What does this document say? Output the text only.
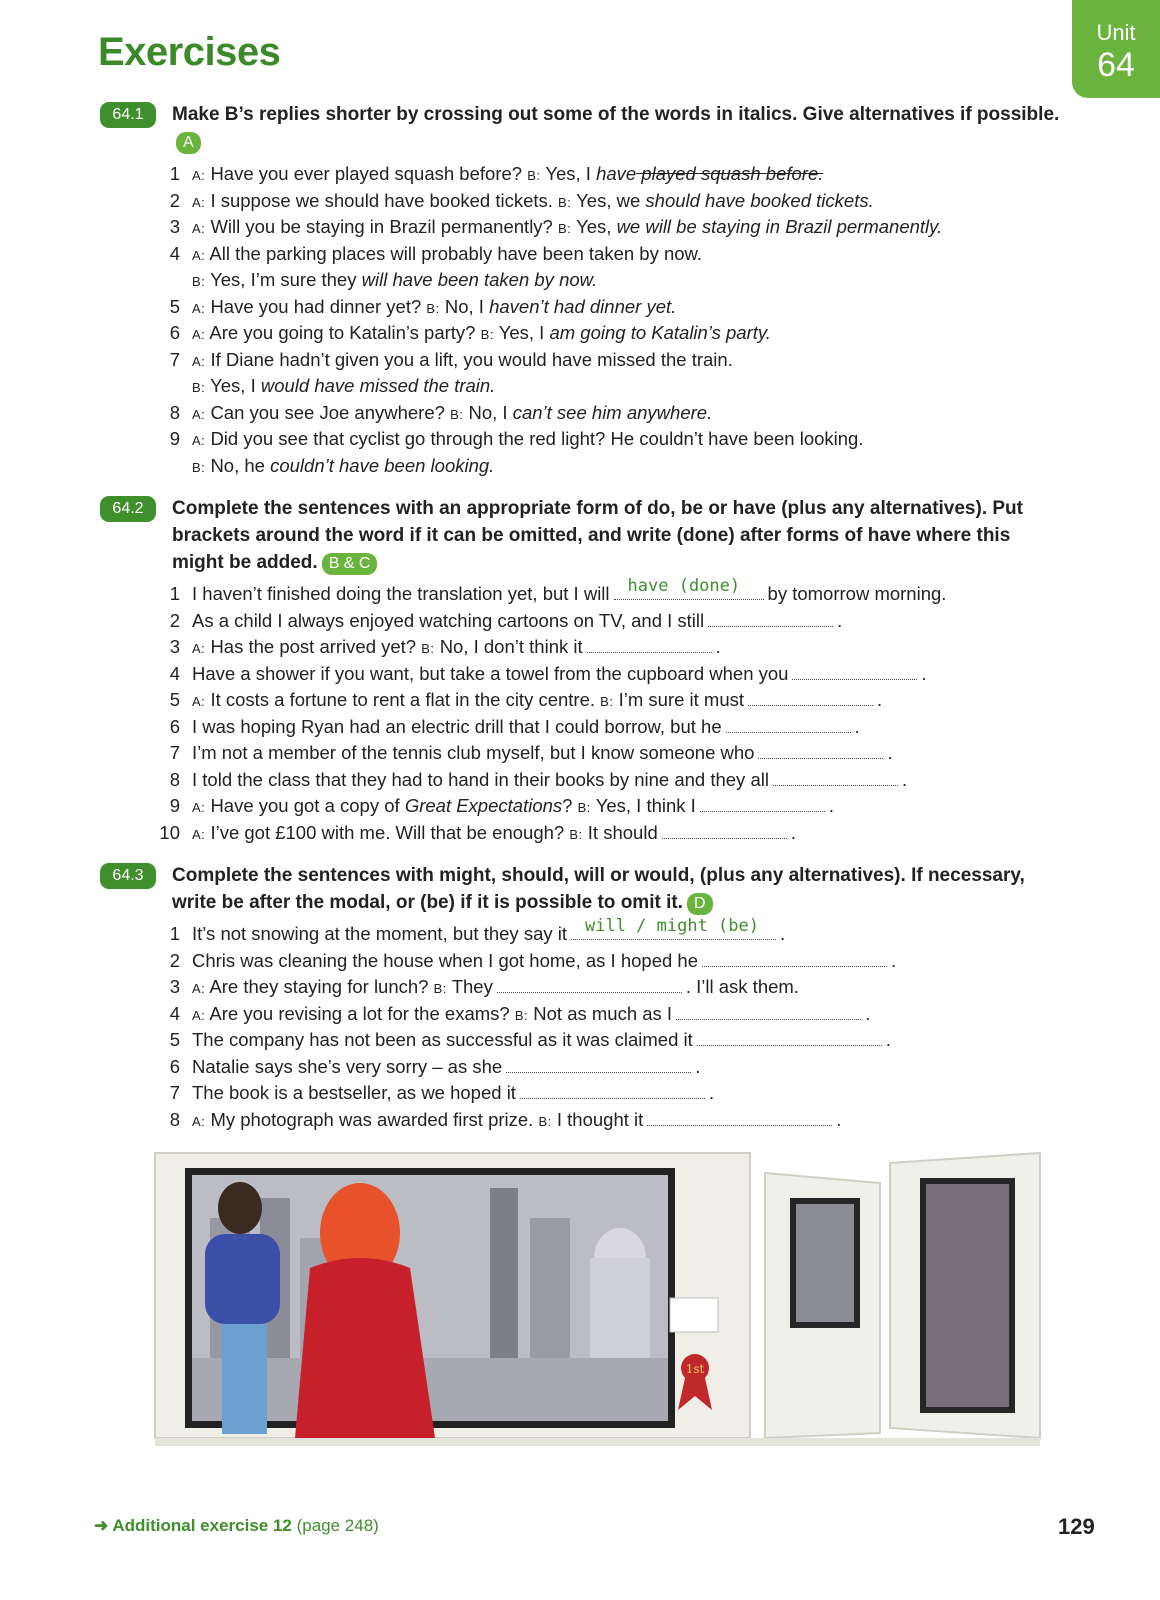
Exercises	Unit
64
64.1	Make B’s replies shorter by crossing out some of the words in italics. Give alternatives if possible.A
1 A: Have you ever played squash before? B: Yes, I have played squash before.
2 A: I suppose we should have booked tickets. B: Yes, we should have booked tickets.
3 A: Will you be staying in Brazil permanently? B: Yes, we will be staying in Brazil permanently.
4 A: All the parking places will probably have been taken by now.
B: Yes, I’m sure they will have been taken by now.
5 A: Have you had dinner yet? B: No, I haven’t had dinner yet.
6 A: Are you going to Katalin’s party? B: Yes, I am going to Katalin’s party.
7 A: If Diane hadn’t given you a lift, you would have missed the train.
B: Yes, I would have missed the train.
8 A: Can you see Joe anywhere? B: No, I can’t see him anywhere.
9 A: Did you see that cyclist go through the red light? He couldn’t have been looking.
B: No, he couldn’t have been looking.
64.2	Complete the sentences with an appropriate form of do, be or have (plus any alternatives). Put brackets around the word if it can be omitted, and write (done) after forms of have where this might be added. B & C
1 I haven’t finished doing the translation yet, but I will have (done) by tomorrow morning.
2 As a child I always enjoyed watching cartoons on TV, and I still	.
3 A: Has the post arrived yet? B: No, I don’t think it	.
4 Have a shower if you want, but take a towel from the cupboard when you	.
5 A: It costs a fortune to rent a flat in the city centre. B: I’m sure it must	.
6 I was hoping Ryan had an electric drill that I could borrow, but he	.
7 I’m not a member of the tennis club myself, but I know someone who	.
8 I told the class that they had to hand in their books by nine and they all	.
9 A: Have you got a copy of Great Expectations? B: Yes, I think I	.
10 A: I’ve got £100 with me. Will that be enough? B: It should	.
64.3	Complete the sentences with might, should, will or would, (plus any alternatives). If necessary, write be after the modal, or (be) if it is possible to omit it. D
1 It’s not snowing at the moment, but they say it will / might (be) .
2 Chris was cleaning the house when I got home, as I hoped he	.
3 A: Are they staying for lunch? B: They	. I’ll ask them.
4 A: Are you revising a lot for the exams? B: Not as much as I	.
5 The company has not been as successful as it was claimed it	.
6 Natalie says she’s very sorry – as she	.
7 The book is a bestseller, as we hoped it	.
8 A: My photograph was awarded first prize. B: I thought it	.
1st
➜ Additional exercise 12 (page 248)	129
